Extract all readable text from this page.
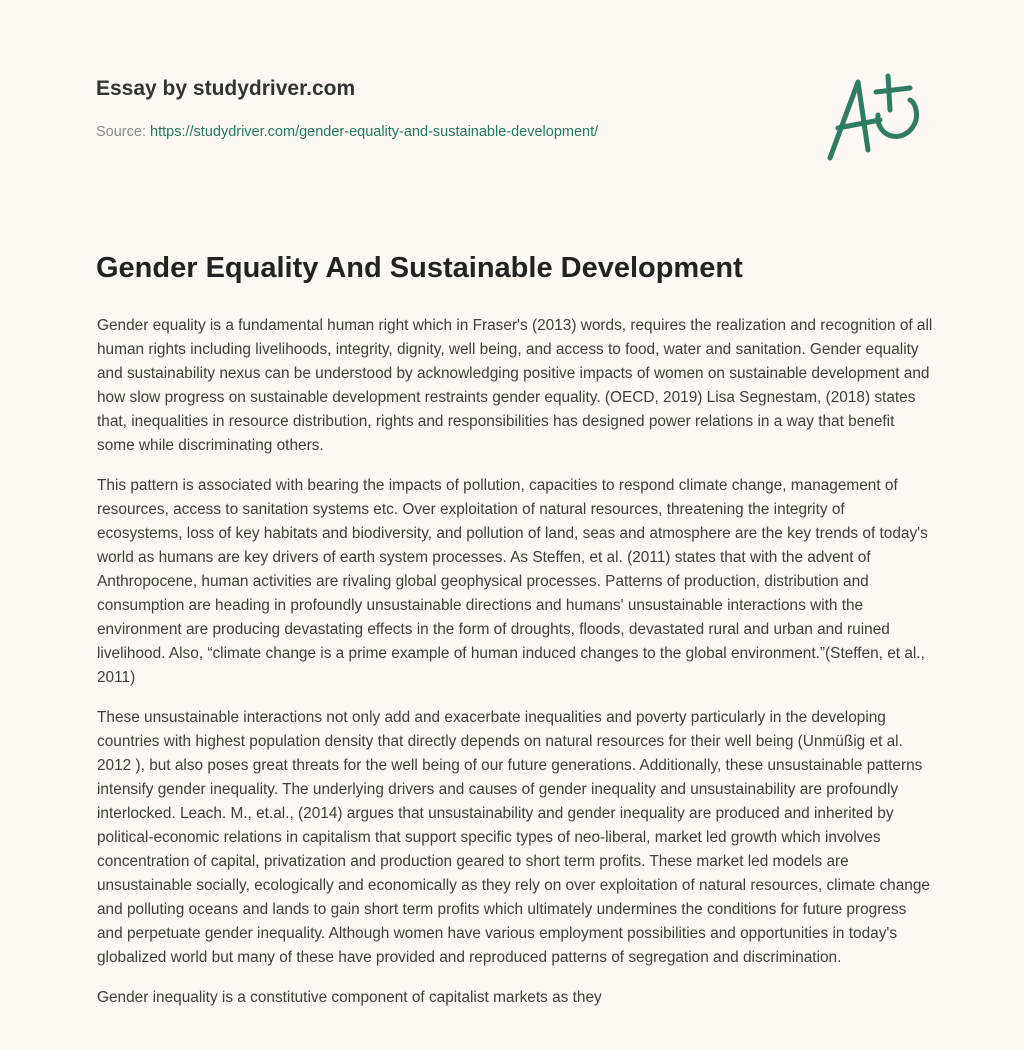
Essay by studydriver.com
Source: https://studydriver.com/gender-equality-and-sustainable-development/
Gender Equality And Sustainable Development

Gender equality is a fundamental human right which in Fraser's (2013) words, requires the realization and recognition of all human rights including livelihoods, integrity, dignity, well being, and access to food, water and sanitation. Gender equality and sustainability nexus can be understood by acknowledging positive impacts of women on sustainable development and how slow progress on sustainable development restraints gender equality. (OECD, 2019) Lisa Segnestam, (2018) states that, inequalities in resource distribution, rights and responsibilities has designed power relations in a way that benefit some while discriminating others.

This pattern is associated with bearing the impacts of pollution, capacities to respond climate change, management of resources, access to sanitation systems etc. Over exploitation of natural resources, threatening the integrity of ecosystems, loss of key habitats and biodiversity, and pollution of land, seas and atmosphere are the key trends of today's world as humans are key drivers of earth system processes. As Steffen, et al. (2011) states that with the advent of Anthropocene, human activities are rivaling global geophysical processes. Patterns of production, distribution and consumption are heading in profoundly unsustainable directions and humans' unsustainable interactions with the environment are producing devastating effects in the form of droughts, floods, devastated rural and urban and ruined livelihood. Also, “climate change is a prime example of human induced changes to the global environment.”(Steffen, et al., 2011)

These unsustainable interactions not only add and exacerbate inequalities and poverty particularly in the developing countries with highest population density that directly depends on natural resources for their well being (Unmüßig et al. 2012 ), but also poses great threats for the well being of our future generations. Additionally, these unsustainable patterns intensify gender inequality. The underlying drivers and causes of gender inequality and unsustainability are profoundly interlocked. Leach. M., et.al., (2014) argues that unsustainability and gender inequality are produced and inherited by political-economic relations in capitalism that support specific types of neo-liberal, market led growth which involves concentration of capital, privatization and production geared to short term profits. These market led models are unsustainable socially, ecologically and economically as they rely on over exploitation of natural resources, climate change and polluting oceans and lands to gain short term profits which ultimately undermines the conditions for future progress and perpetuate gender inequality. Although women have various employment possibilities and opportunities in today's globalized world but many of these have provided and reproduced patterns of segregation and discrimination.

Gender inequality is a constitutive component of capitalist markets as they
